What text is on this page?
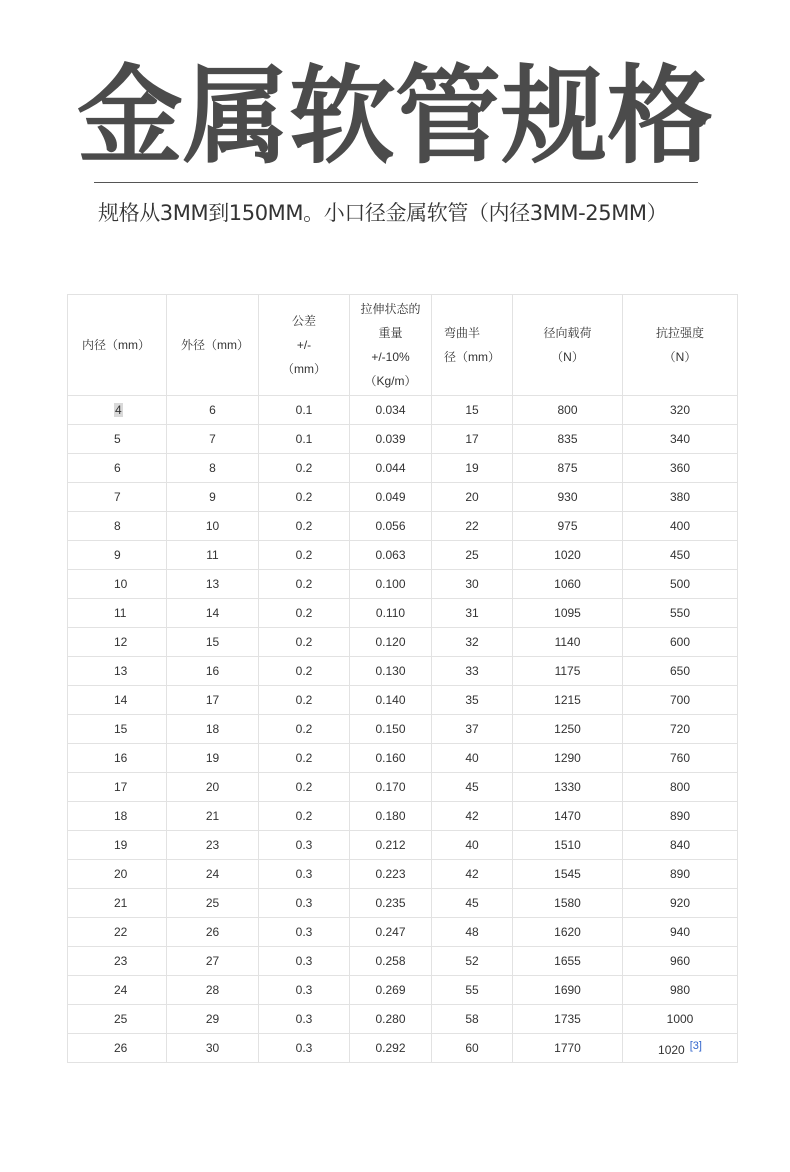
金属软管规格
规格从3MM到150MM。小口径金属软管（内径3MM-25MM）
内径（mm）	外径（mm）	公差
+/-
（mm）	拉伸状态的
重量
+/-10%
（Kg/m）	弯曲半
径（mm）	径向载荷
（N）	抗拉强度
（N）

4	6	0.1	0.034	15	800	320
5	7	0.1	0.039	17	835	340
6	8	0.2	0.044	19	875	360
7	9	0.2	0.049	20	930	380
8	10	0.2	0.056	22	975	400
9	11	0.2	0.063	25	1020	450
10	13	0.2	0.100	30	1060	500
11	14	0.2	0.110	31	1095	550
12	15	0.2	0.120	32	1140	600
13	16	0.2	0.130	33	1175	650
14	17	0.2	0.140	35	1215	700
15	18	0.2	0.150	37	1250	720
16	19	0.2	0.160	40	1290	760
17	20	0.2	0.170	45	1330	800
18	21	0.2	0.180	42	1470	890
19	23	0.3	0.212	40	1510	840
20	24	0.3	0.223	42	1545	890
21	25	0.3	0.235	45	1580	920
22	26	0.3	0.247	48	1620	940
23	27	0.3	0.258	52	1655	960
24	28	0.3	0.269	55	1690	980
25	29	0.3	0.280	58	1735	1000
26	30	0.3	0.292	60	1770	1020 [3]
